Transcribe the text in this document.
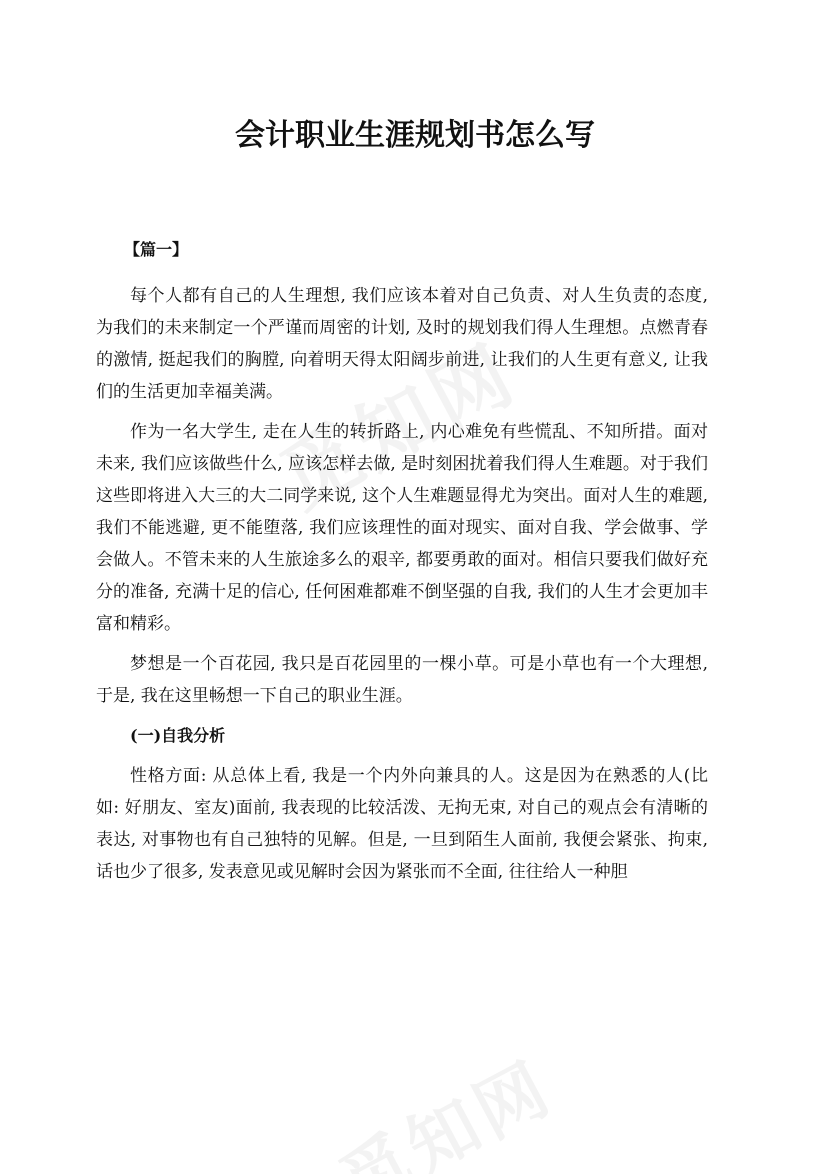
会计职业生涯规划书怎么写

【篇一】

每个人都有自己的人生理想, 我们应该本着对自己负责、对人生负责的态度, 为我们的未来制定一个严谨而周密的计划, 及时的规划我们得人生理想。点燃青春的激情, 挺起我们的胸膛, 向着明天得太阳阔步前进, 让我们的人生更有意义, 让我们的生活更加幸福美满。

作为一名大学生, 走在人生的转折路上, 内心难免有些慌乱、不知所措。面对未来, 我们应该做些什么, 应该怎样去做, 是时刻困扰着我们得人生难题。对于我们这些即将进入大三的大二同学来说, 这个人生难题显得尤为突出。面对人生的难题, 我们不能逃避, 更不能堕落, 我们应该理性的面对现实、面对自我、学会做事、学会做人。不管未来的人生旅途多么的艰辛, 都要勇敢的面对。相信只要我们做好充分的准备, 充满十足的信心, 任何困难都难不倒坚强的自我, 我们的人生才会更加丰富和精彩。

梦想是一个百花园, 我只是百花园里的一棵小草。可是小草也有一个大理想, 于是, 我在这里畅想一下自己的职业生涯。

(一)自我分析

性格方面: 从总体上看, 我是一个内外向兼具的人。这是因为在熟悉的人(比如: 好朋友、室友)面前, 我表现的比较活泼、无拘无束, 对自己的观点会有清晰的表达, 对事物也有自己独特的见解。但是, 一旦到陌生人面前, 我便会紧张、拘束, 话也少了很多, 发表意见或见解时会因为紧张而不全面, 往往给人一种胆
